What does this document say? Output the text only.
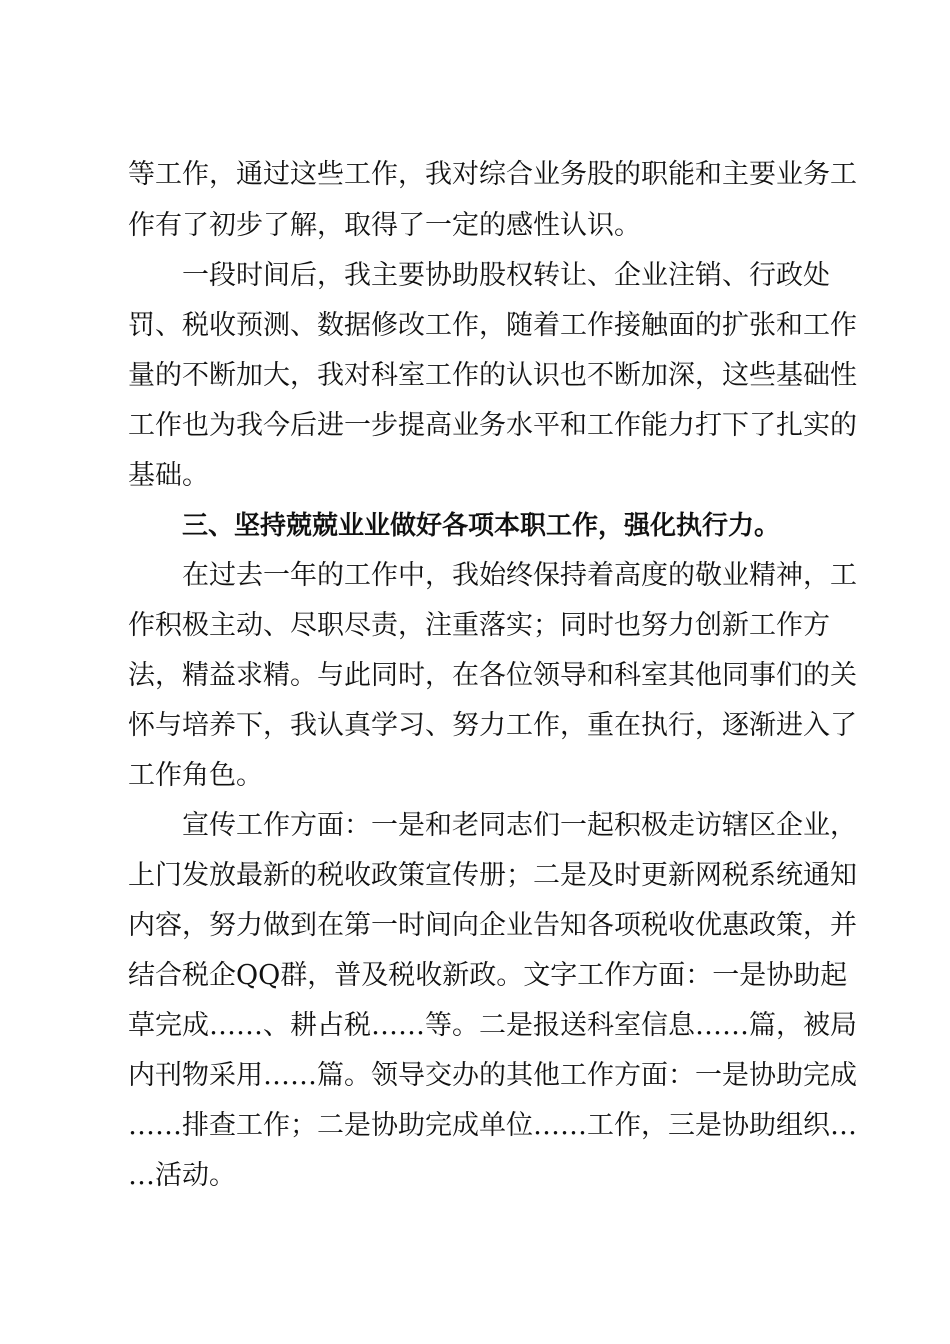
等工作，通过这些工作，我对综合业务股的职能和主要业务工
作有了初步了解，取得了一定的感性认识。
一段时间后，我主要协助股权转让、企业注销、行政处
罚、税收预测、数据修改工作，随着工作接触面的扩张和工作
量的不断加大，我对科室工作的认识也不断加深，这些基础性
工作也为我今后进一步提高业务水平和工作能力打下了扎实的
基础。
三、坚持兢兢业业做好各项本职工作，强化执行力。
在过去一年的工作中，我始终保持着高度的敬业精神，工
作积极主动、尽职尽责，注重落实；同时也努力创新工作方
法，精益求精。与此同时，在各位领导和科室其他同事们的关
怀与培养下，我认真学习、努力工作，重在执行，逐渐进入了
工作角色。
宣传工作方面：一是和老同志们一起积极走访辖区企业，
上门发放最新的税收政策宣传册；二是及时更新网税系统通知
内容，努力做到在第一时间向企业告知各项税收优惠政策，并
结合税企QQ群，普及税收新政。文字工作方面：一是协助起
草完成……、耕占税……等。二是报送科室信息……篇，被局
内刊物采用……篇。领导交办的其他工作方面：一是协助完成
……排查工作；二是协助完成单位……工作，三是协助组织…
…活动。
